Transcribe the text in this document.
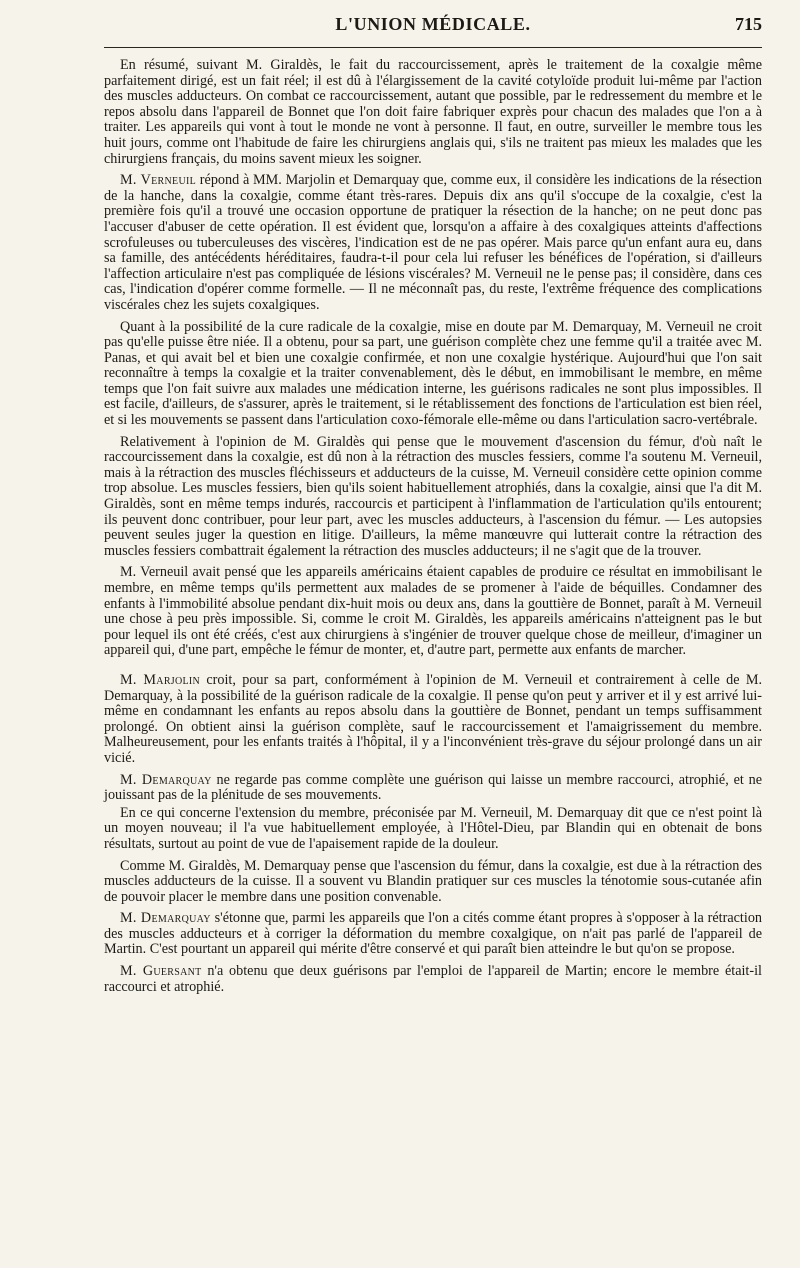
L'UNION MÉDICALE.	715

En résumé, suivant M. Giraldès, le fait du raccourcissement, après le traitement de la coxalgie même parfaitement dirigé, est un fait réel; il est dû à l'élargissement de la cavité cotyloïde produit lui-même par l'action des muscles adducteurs. On combat ce raccourcissement, autant que possible, par le redressement du membre et le repos absolu dans l'appareil de Bonnet que l'on doit faire fabriquer exprès pour chacun des malades que l'on a à traiter. Les appareils qui vont à tout le monde ne vont à personne. Il faut, en outre, surveiller le membre tous les huit jours, comme ont l'habitude de faire les chirurgiens anglais qui, s'ils ne traitent pas mieux les malades que les chirurgiens français, du moins savent mieux les soigner.

M. Verneuil répond à MM. Marjolin et Demarquay que, comme eux, il considère les indications de la résection de la hanche, dans la coxalgie, comme étant très-rares. Depuis dix ans qu'il s'occupe de la coxalgie, c'est la première fois qu'il a trouvé une occasion opportune de pratiquer la résection de la hanche; on ne peut donc pas l'accuser d'abuser de cette opération. Il est évident que, lorsqu'on a affaire à des coxalgiques atteints d'affections scrofuleuses ou tuberculeuses des viscères, l'indication est de ne pas opérer. Mais parce qu'un enfant aura eu, dans sa famille, des antécédents héréditaires, faudra-t-il pour cela lui refuser les bénéfices de l'opération, si d'ailleurs l'affection articulaire n'est pas compliquée de lésions viscérales? M. Verneuil ne le pense pas; il considère, dans ces cas, l'indication d'opérer comme formelle. — Il ne méconnaît pas, du reste, l'extrême fréquence des complications viscérales chez les sujets coxalgiques.

Quant à la possibilité de la cure radicale de la coxalgie, mise en doute par M. Demarquay, M. Verneuil ne croit pas qu'elle puisse être niée. Il a obtenu, pour sa part, une guérison complète chez une femme qu'il a traitée avec M. Panas, et qui avait bel et bien une coxalgie confirmée, et non une coxalgie hystérique. Aujourd'hui que l'on sait reconnaître à temps la coxalgie et la traiter convenablement, dès le début, en immobilisant le membre, en même temps que l'on fait suivre aux malades une médication interne, les guérisons radicales ne sont plus impossibles. Il est facile, d'ailleurs, de s'assurer, après le traitement, si le rétablissement des fonctions de l'articulation est bien réel, et si les mouvements se passent dans l'articulation coxo-fémorale elle-même ou dans l'articulation sacro-vertébrale.

Relativement à l'opinion de M. Giraldès qui pense que le mouvement d'ascension du fémur, d'où naît le raccourcissement dans la coxalgie, est dû non à la rétraction des muscles fessiers, comme l'a soutenu M. Verneuil, mais à la rétraction des muscles fléchisseurs et adducteurs de la cuisse, M. Verneuil considère cette opinion comme trop absolue. Les muscles fessiers, bien qu'ils soient habituellement atrophiés, dans la coxalgie, ainsi que l'a dit M. Giraldès, sont en même temps indurés, raccourcis et participent à l'inflammation de l'articulation qu'ils entourent; ils peuvent donc contribuer, pour leur part, avec les muscles adducteurs, à l'ascension du fémur. — Les autopsies peuvent seules juger la question en litige. D'ailleurs, la même manœuvre qui lutterait contre la rétraction des muscles fessiers combattrait également la rétraction des muscles adducteurs; il ne s'agit que de la trouver.

M. Verneuil avait pensé que les appareils américains étaient capables de produire ce résultat en immobilisant le membre, en même temps qu'ils permettent aux malades de se promener à l'aide de béquilles. Condamner des enfants à l'immobilité absolue pendant dix-huit mois ou deux ans, dans la gouttière de Bonnet, paraît à M. Verneuil une chose à peu près impossible. Si, comme le croit M. Giraldès, les appareils américains n'atteignent pas le but pour lequel ils ont été créés, c'est aux chirurgiens à s'ingénier de trouver quelque chose de meilleur, d'imaginer un appareil qui, d'une part, empêche le fémur de monter, et, d'autre part, permette aux enfants de marcher.

M. Marjolin croit, pour sa part, conformément à l'opinion de M. Verneuil et contrairement à celle de M. Demarquay, à la possibilité de la guérison radicale de la coxalgie. Il pense qu'on peut y arriver et il y est arrivé lui-même en condamnant les enfants au repos absolu dans la gouttière de Bonnet, pendant un temps suffisamment prolongé. On obtient ainsi la guérison complète, sauf le raccourcissement et l'amaigrissement du membre. Malheureusement, pour les enfants traités à l'hôpital, il y a l'inconvénient très-grave du séjour prolongé dans un air vicié.

M. Demarquay ne regarde pas comme complète une guérison qui laisse un membre raccourci, atrophié, et ne jouissant pas de la plénitude de ses mouvements.

En ce qui concerne l'extension du membre, préconisée par M. Verneuil, M. Demarquay dit que ce n'est point là un moyen nouveau; il l'a vue habituellement employée, à l'Hôtel-Dieu, par Blandin qui en obtenait de bons résultats, surtout au point de vue de l'apaisement rapide de la douleur.

Comme M. Giraldès, M. Demarquay pense que l'ascension du fémur, dans la coxalgie, est due à la rétraction des muscles adducteurs de la cuisse. Il a souvent vu Blandin pratiquer sur ces muscles la ténotomie sous-cutanée afin de pouvoir placer le membre dans une position convenable.

M. Demarquay s'étonne que, parmi les appareils que l'on a cités comme étant propres à s'opposer à la rétraction des muscles adducteurs et à corriger la déformation du membre coxalgique, on n'ait pas parlé de l'appareil de Martin. C'est pourtant un appareil qui mérite d'être conservé et qui paraît bien atteindre le but qu'on se propose.

M. Guersant n'a obtenu que deux guérisons par l'emploi de l'appareil de Martin; encore le membre était-il raccourci et atrophié.
